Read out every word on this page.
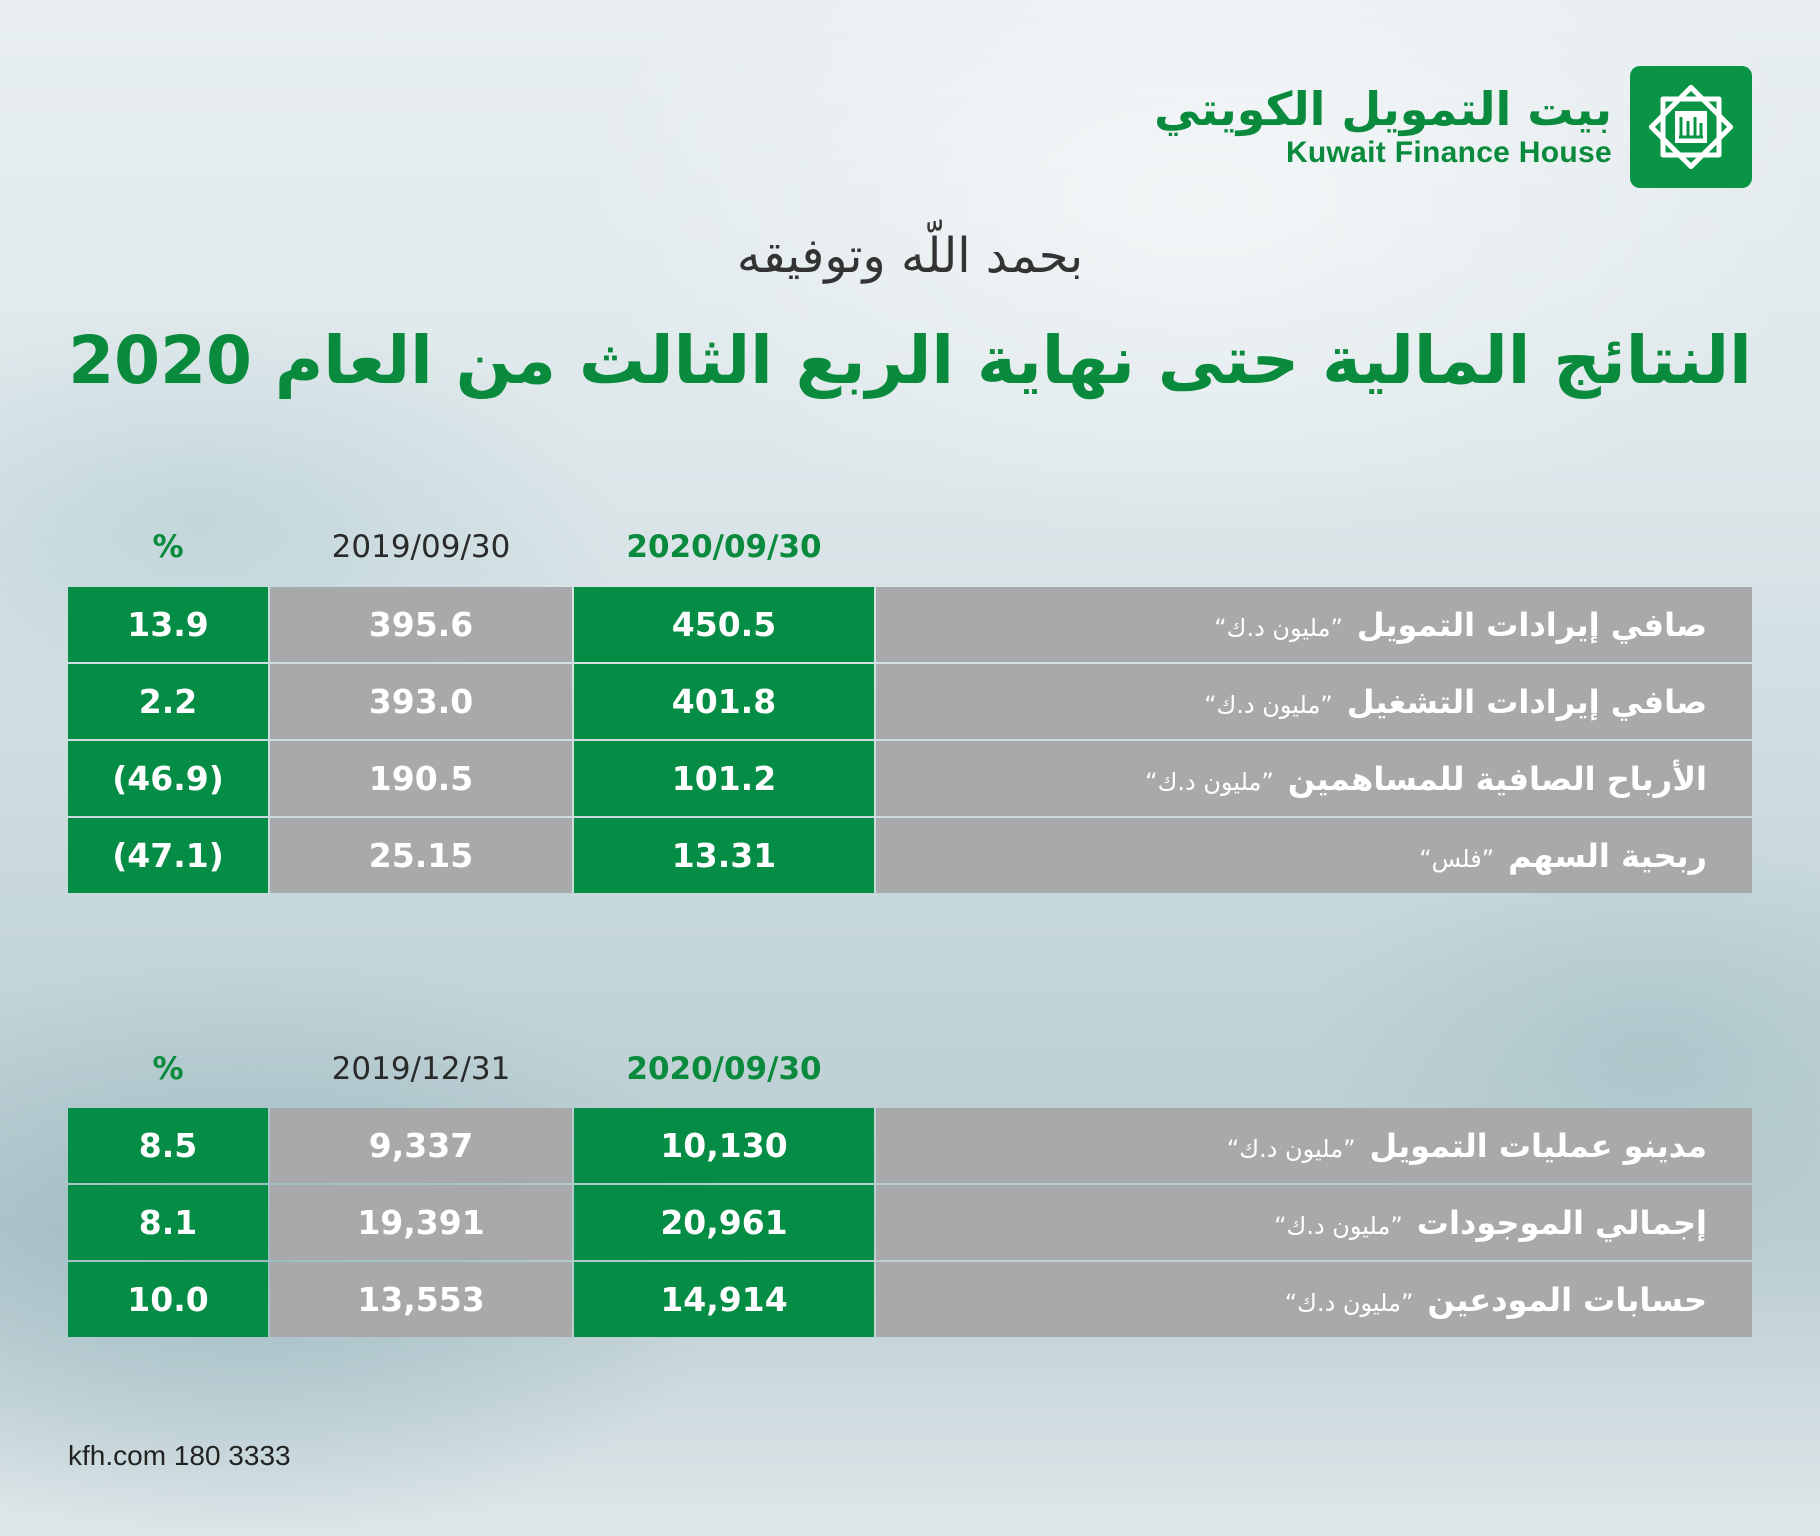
بيت التمويل الكويتي
Kuwait Finance House
بحمد اللّه وتوفيقه
النتائج المالية حتى نهاية الربع الثالث من العام 2020
%	2019/09/30	2020/09/30
13.9	395.6	450.5	صافي إيرادات التمويل”مليون د.ك“
2.2	393.0	401.8	صافي إيرادات التشغيل”مليون د.ك“
(46.9)	190.5	101.2	الأرباح الصافية للمساهمين”مليون د.ك“
(47.1)	25.15	13.31	ربحية السهم”فلس“
%	2019/12/31	2020/09/30
8.5	9,337	10,130	مدينو عمليات التمويل”مليون د.ك“
8.1	19,391	20,961	إجمالي الموجودات”مليون د.ك“
10.0	13,553	14,914	حسابات المودعين”مليون د.ك“
kfh.com 180 3333
